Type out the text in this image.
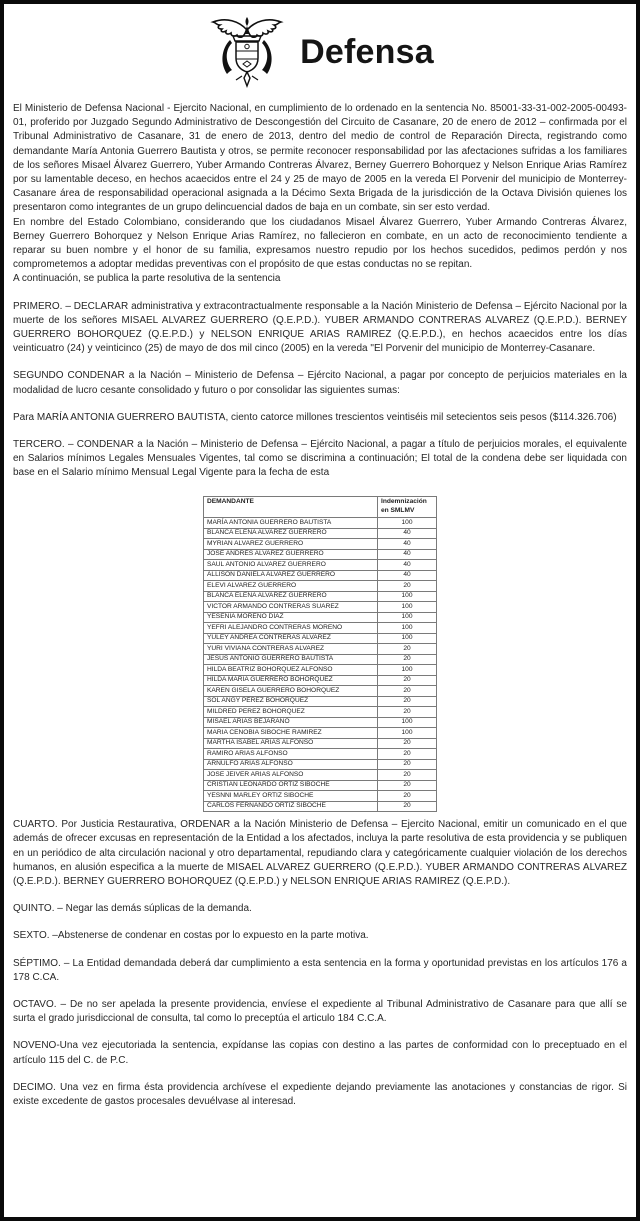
Defensa

El Ministerio de Defensa Nacional - Ejercito Nacional, en cumplimiento de lo ordenado en la sentencia No. 85001-33-31-002-2005-00493-01, proferido por Juzgado Segundo Administrativo de Descongestión del Circuito de Casanare, 20 de enero de 2012 – confirmada por el Tribunal Administrativo de Casanare, 31 de enero de 2013, dentro del medio de control de Reparación Directa, registrando como demandante María Antonia Guerrero Bautista y otros, se permite reconocer responsabilidad por las afectaciones sufridas a los familiares de los señores Misael Álvarez Guerrero, Yuber Armando Contreras Álvarez, Berney Guerrero Bohorquez y Nelson Enrique Arias Ramírez por su lamentable deceso, en hechos acaecidos entre el 24 y 25 de mayo de 2005 en la vereda El Porvenir del municipio de Monterrey- Casanare área de responsabilidad operacional asignada a la Décimo Sexta Brigada de la jurisdicción de la Octava División quienes los presentaron como integrantes de un grupo delincuencial dados de baja en un combate, sin ser esto verdad.

En nombre del Estado Colombiano, considerando que los ciudadanos Misael Álvarez Guerrero, Yuber Armando Contreras Álvarez, Berney Guerrero Bohorquez y Nelson Enrique Arias Ramírez, no fallecieron en combate, en un acto de reconocimiento tendiente a reparar su buen nombre y el honor de su familia, expresamos nuestro repudio por los hechos sucedidos, pedimos perdón y nos comprometemos a adoptar medidas preventivas con el propósito de que estas conductas no se repitan.

A continuación, se publica la parte resolutiva de la sentencia

PRIMERO. – DECLARAR administrativa y extracontractualmente responsable a la Nación Ministerio de Defensa – Ejército Nacional por la muerte de los señores MISAEL ALVAREZ GUERRERO (Q.E.P.D.). YUBER ARMANDO CONTRERAS ALVAREZ (Q.E.P.D.). BERNEY GUERRERO BOHORQUEZ (Q.E.P.D.) y NELSON ENRIQUE ARIAS RAMIREZ (Q.E.P.D.), en hechos acaecidos entre los días veinticuatro (24) y veinticinco (25) de mayo de dos mil cinco (2005) en la vereda "El Porvenir del municipio de Monterrey-Casanare.

SEGUNDO CONDENAR a la Nación – Ministerio de Defensa – Ejército Nacional, a pagar por concepto de perjuicios materiales en la modalidad de lucro cesante consolidado y futuro o por consolidar las siguientes sumas:

Para MARÍA ANTONIA GUERRERO BAUTISTA, ciento catorce millones trescientos veintiséis mil setecientos seis pesos ($114.326.706)

TERCERO. – CONDENAR a la Nación – Ministerio de Defensa – Ejército Nacional, a pagar a título de perjuicios morales, el equivalente en Salarios mínimos Legales Mensuales Vigentes, tal como se discrimina a continuación; El total de la condena debe ser liquidada con base en el Salario mínimo Mensual Legal Vigente para la fecha de esta

DEMANDANTE	Indemnización en SMLMV
MARÍA ANTONIA GUERRERO BAUTISTA	100
BLANCA ELENA ALVAREZ GUERRERO	40
MYRIAN ALVAREZ GUERRERO	40
JOSÉ ANDRÉS ALVAREZ GUERRERO	40
SAUL ANTONIO ALVAREZ GUERRERO	40
ALLISON DANIELA ALVAREZ GUERRERO	40
ELEVI ALVAREZ GUERRERO	20
BLANCA ELENA ALVAREZ GUERRERO	100
VICTOR ARMANDO CONTRERAS SUAREZ	100
YESENIA MORENO DÍAZ	100
YEFRI ALEJANDRO CONTRERAS MORENO	100
YULEY ANDREA CONTRERAS ALVAREZ	100
YURI VIVIANA CONTRERAS ALVAREZ	20
JESÚS ANTONIO GUERRERO BAUTISTA	20
HILDA BEATRIZ BOHORQUEZ ALFONSO	100
HILDA MARIA GUERRERO BOHORQUEZ	20
KAREN GISELA GUERRERO BOHORQUEZ	20
SOL ANGY PÉREZ BOHORQUEZ	20
MILDRED PEREZ BOHORQUEZ	20
MISAEL ARIAS BEJARANO	100
MARIA CENOBIA SIBOCHE RAMIREZ	100
MARTHA ISABEL ARIAS ALFONSO	20
RAMIRO ARIAS ALFONSO	20
ARNULFO ARIAS ALFONSO	20
JOSE JEIVER ARIAS ALFONSO	20
CRISTIAN LEONARDO ORTIZ SIBOCHE	20
YESNNI MARLEY ORTIZ SIBOCHE	20
CARLOS FERNANDO ORTIZ SIBOCHE	20

CUARTO. Por Justicia Restaurativa, ORDENAR a la Nación Ministerio de Defensa – Ejercito Nacional, emitir un comunicado en el que además de ofrecer excusas en representación de la Entidad a los afectados, incluya la parte resolutiva de esta providencia y se publiquen en un periódico de alta circulación nacional y otro departamental, repudiando clara y categóricamente cualquier violación de los derechos humanos, en alusión especifica a la muerte de MISAEL ALVAREZ GUERRERO (Q.E.P.D.). YUBER ARMANDO CONTRERAS ALVAREZ (Q.E.P.D.). BERNEY GUERRERO BOHORQUEZ (Q.E.P.D.) y NELSON ENRIQUE ARIAS RAMIREZ (Q.E.P.D.).

QUINTO. – Negar las demás súplicas de la demanda.

SEXTO. –Abstenerse de condenar en costas por lo expuesto en la parte motiva.

SÉPTIMO. – La Entidad demandada deberá dar cumplimiento a esta sentencia en la forma y oportunidad previstas en los artículos 176 a 178 C.CA.

OCTAVO. – De no ser apelada la presente providencia, envíese el expediente al Tribunal Administrativo de Casanare para que allí se surta el grado jurisdiccional de consulta, tal como lo preceptúa el articulo 184 C.C.A.

NOVENO-Una vez ejecutoriada la sentencia, expídanse las copias con destino a las partes de conformidad con lo preceptuado en el artículo 115 del C. de P.C.

DECIMO. Una vez en firma ésta providencia archívese el expediente dejando previamente las anotaciones y constancias de rigor. Si existe excedente de gastos procesales devuélvase al interesad.
